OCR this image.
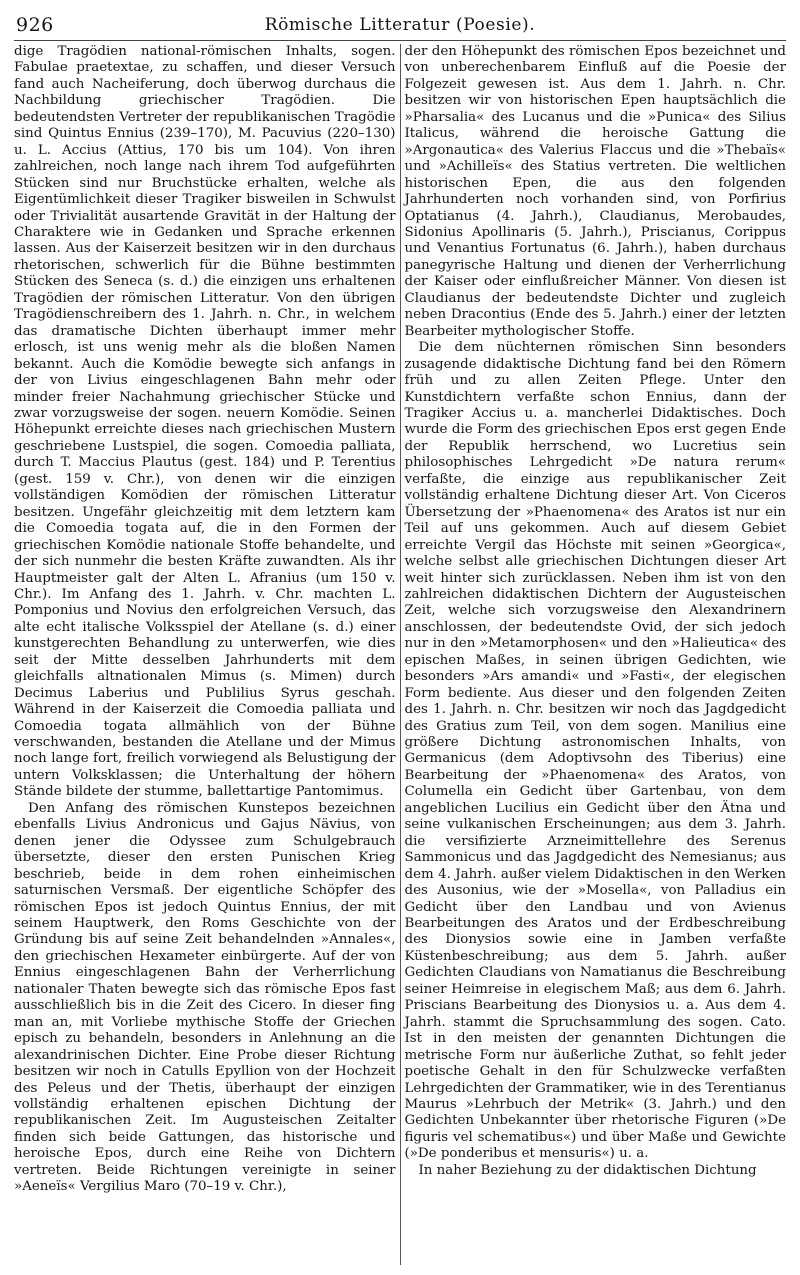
926	Römische Litteratur (Poesie).

dige Tragödien national-römischen Inhalts, sogen. Fabulae praetextae, zu schaffen, und dieser Versuch fand auch Nacheiferung, doch überwog durchaus die Nachbildung griechischer Tragödien. Die bedeutendsten Vertreter der republikanischen Tragödie sind Quintus Ennius (239–170), M. Pacuvius (220–130) u. L. Accius (Attius, 170 bis um 104). Von ihren zahlreichen, noch lange nach ihrem Tod aufgeführten Stücken sind nur Bruchstücke erhalten, welche als Eigentümlichkeit dieser Tragiker bisweilen in Schwulst oder Trivialität ausartende Gravität in der Haltung der Charaktere wie in Gedanken und Sprache erkennen lassen. Aus der Kaiserzeit besitzen wir in den durchaus rhetorischen, schwerlich für die Bühne bestimmten Stücken des Seneca (s. d.) die einzigen uns erhaltenen Tragödien der römischen Litteratur. Von den übrigen Tragödienschreibern des 1. Jahrh. n. Chr., in welchem das dramatische Dichten überhaupt immer mehr erlosch, ist uns wenig mehr als die bloßen Namen bekannt. Auch die Komödie bewegte sich anfangs in der von Livius eingeschlagenen Bahn mehr oder minder freier Nachahmung griechischer Stücke und zwar vorzugsweise der sogen. neuern Komödie. Seinen Höhepunkt erreichte dieses nach griechischen Mustern geschriebene Lustspiel, die sogen. Comoedia palliata, durch T. Maccius Plautus (gest. 184) und P. Terentius (gest. 159 v. Chr.), von denen wir die einzigen vollständigen Komödien der römischen Litteratur besitzen. Ungefähr gleichzeitig mit dem letztern kam die Comoedia togata auf, die in den Formen der griechischen Komödie nationale Stoffe behandelte, und der sich nunmehr die besten Kräfte zuwandten. Als ihr Hauptmeister galt der Alten L. Afranius (um 150 v. Chr.). Im Anfang des 1. Jahrh. v. Chr. machten L. Pomponius und Novius den erfolgreichen Versuch, das alte echt italische Volksspiel der Atellane (s. d.) einer kunstgerechten Behandlung zu unterwerfen, wie dies seit der Mitte desselben Jahrhunderts mit dem gleichfalls altnationalen Mimus (s. Mimen) durch Decimus Laberius und Publilius Syrus geschah. Während in der Kaiserzeit die Comoedia palliata und Comoedia togata allmählich von der Bühne verschwanden, bestanden die Atellane und der Mimus noch lange fort, freilich vorwiegend als Belustigung der untern Volksklassen; die Unterhaltung der höhern Stände bildete der stumme, ballettartige Pantomimus.

Den Anfang des römischen Kunstepos bezeichnen ebenfalls Livius Andronicus und Gajus Nävius, von denen jener die Odyssee zum Schulgebrauch übersetzte, dieser den ersten Punischen Krieg beschrieb, beide in dem rohen einheimischen saturnischen Versmaß. Der eigentliche Schöpfer des römischen Epos ist jedoch Quintus Ennius, der mit seinem Hauptwerk, den Roms Geschichte von der Gründung bis auf seine Zeit behandelnden »Annales«, den griechischen Hexameter einbürgerte. Auf der von Ennius eingeschlagenen Bahn der Verherrlichung nationaler Thaten bewegte sich das römische Epos fast ausschließlich bis in die Zeit des Cicero. In dieser fing man an, mit Vorliebe mythische Stoffe der Griechen episch zu behandeln, besonders in Anlehnung an die alexandrinischen Dichter. Eine Probe dieser Richtung besitzen wir noch in Catulls Epyllion von der Hochzeit des Peleus und der Thetis, überhaupt der einzigen vollständig erhaltenen epischen Dichtung der republikanischen Zeit. Im Augusteischen Zeitalter finden sich beide Gattungen, das historische und heroische Epos, durch eine Reihe von Dichtern vertreten. Beide Richtungen vereinigte in seiner »Aeneïs« Vergilius Maro (70–19 v. Chr.),

der den Höhepunkt des römischen Epos bezeichnet und von unberechenbarem Einfluß auf die Poesie der Folgezeit gewesen ist. Aus dem 1. Jahrh. n. Chr. besitzen wir von historischen Epen hauptsächlich die »Pharsalia« des Lucanus und die »Punica« des Silius Italicus, während die heroische Gattung die »Argonautica« des Valerius Flaccus und die »Thebaïs« und »Achilleïs« des Statius vertreten. Die weltlichen historischen Epen, die aus den folgenden Jahrhunderten noch vorhanden sind, von Porfirius Optatianus (4. Jahrh.), Claudianus, Merobaudes, Sidonius Apollinaris (5. Jahrh.), Priscianus, Corippus und Venantius Fortunatus (6. Jahrh.), haben durchaus panegyrische Haltung und dienen der Verherrlichung der Kaiser oder einflußreicher Männer. Von diesen ist Claudianus der bedeutendste Dichter und zugleich neben Dracontius (Ende des 5. Jahrh.) einer der letzten Bearbeiter mythologischer Stoffe.

Die dem nüchternen römischen Sinn besonders zusagende didaktische Dichtung fand bei den Römern früh und zu allen Zeiten Pflege. Unter den Kunstdichtern verfaßte schon Ennius, dann der Tragiker Accius u. a. mancherlei Didaktisches. Doch wurde die Form des griechischen Epos erst gegen Ende der Republik herrschend, wo Lucretius sein philosophisches Lehrgedicht »De natura rerum« verfaßte, die einzige aus republikanischer Zeit vollständig erhaltene Dichtung dieser Art. Von Ciceros Übersetzung der »Phaenomena« des Aratos ist nur ein Teil auf uns gekommen. Auch auf diesem Gebiet erreichte Vergil das Höchste mit seinen »Georgica«, welche selbst alle griechischen Dichtungen dieser Art weit hinter sich zurücklassen. Neben ihm ist von den zahlreichen didaktischen Dichtern der Augusteischen Zeit, welche sich vorzugsweise den Alexandrinern anschlossen, der bedeutendste Ovid, der sich jedoch nur in den »Metamorphosen« und den »Halieutica« des epischen Maßes, in seinen übrigen Gedichten, wie besonders »Ars amandi« und »Fasti«, der elegischen Form bediente. Aus dieser und den folgenden Zeiten des 1. Jahrh. n. Chr. besitzen wir noch das Jagdgedicht des Gratius zum Teil, von dem sogen. Manilius eine größere Dichtung astronomischen Inhalts, von Germanicus (dem Adoptivsohn des Tiberius) eine Bearbeitung der »Phaenomena« des Aratos, von Columella ein Gedicht über Gartenbau, von dem angeblichen Lucilius ein Gedicht über den Ätna und seine vulkanischen Erscheinungen; aus dem 3. Jahrh. die versifizierte Arzneimittellehre des Serenus Sammonicus und das Jagdgedicht des Nemesianus; aus dem 4. Jahrh. außer vielem Didaktischen in den Werken des Ausonius, wie der »Mosella«, von Palladius ein Gedicht über den Landbau und von Avienus Bearbeitungen des Aratos und der Erdbeschreibung des Dionysios sowie eine in Jamben verfaßte Küstenbeschreibung; aus dem 5. Jahrh. außer Gedichten Claudians von Namatianus die Beschreibung seiner Heimreise in elegischem Maß; aus dem 6. Jahrh. Priscians Bearbeitung des Dionysios u. a. Aus dem 4. Jahrh. stammt die Spruchsammlung des sogen. Cato. Ist in den meisten der genannten Dichtungen die metrische Form nur äußerliche Zuthat, so fehlt jeder poetische Gehalt in den für Schulzwecke verfaßten Lehrgedichten der Grammatiker, wie in des Terentianus Maurus »Lehrbuch der Metrik« (3. Jahrh.) und den Gedichten Unbekannter über rhetorische Figuren (»De figuris vel schematibus«) und über Maße und Gewichte (»De ponderibus et mensuris«) u. a.

In naher Beziehung zu der didaktischen Dichtung
